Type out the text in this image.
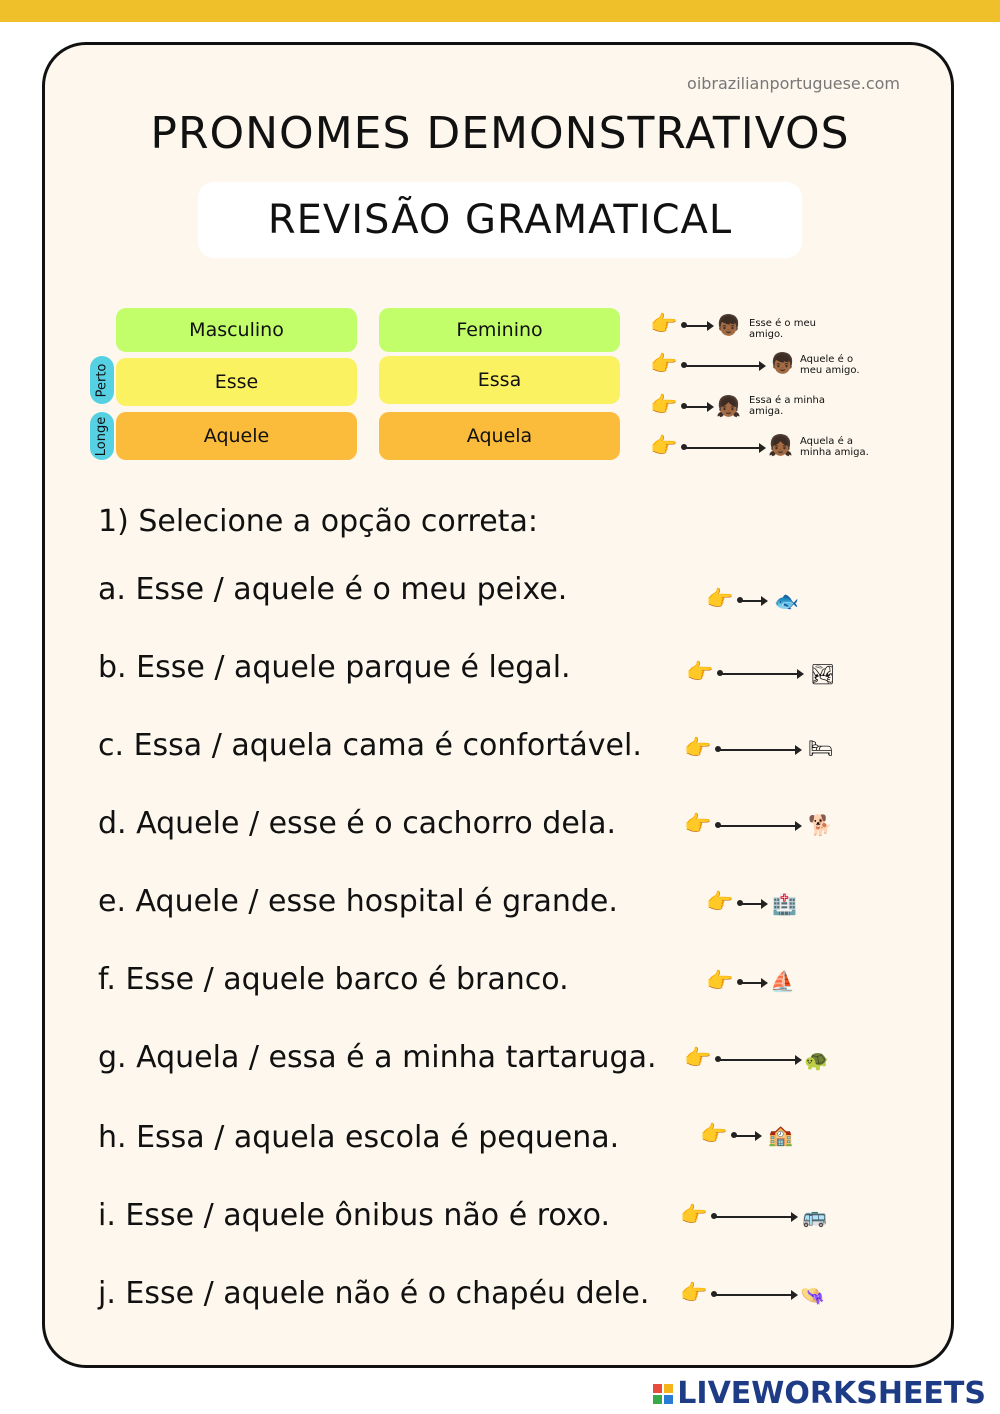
oibrazilianportuguese.com
PRONOMES DEMONSTRATIVOS
REVISÃO GRAMATICAL
Masculino	Feminino
Perto
Longe
Esse	Essa
Aquele	Aquela
👉 👦🏾 Esse é o meu amigo.
👉	👦🏾 Aquele é o meu amigo.
👉 👧🏾 Essa é a minha amiga.
👉	👧🏾 Aquela é a minha amiga.
1) Selecione a opção correta:
a. Esse / aquele é o meu peixe.	👉 🐟
b. Esse / aquele parque é legal.	👉	🏞
c. Essa / aquela cama é confortável. 👉	🛏
d. Aquele / esse é o cachorro dela.	👉	🐕
e. Aquele / esse hospital é grande.	👉 🏥
f. Esse / aquele barco é branco.	👉 ⛵
g. Aquela / essa é a minha tartaruga. 👉	🐢
h. Essa / aquela escola é pequena.	👉 🏫
i. Esse / aquele ônibus não é roxo.	👉	🚌
j. Esse / aquele não é o chapéu dele. 👉	👒
LIVEWORKSHEETS
